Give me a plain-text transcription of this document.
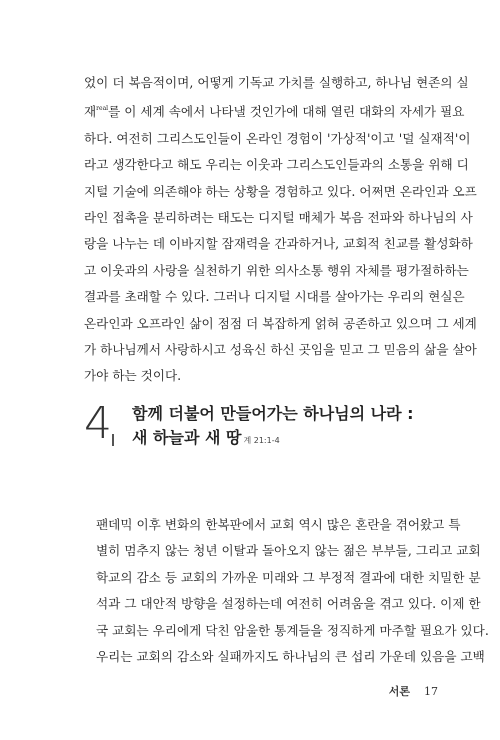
었이 더 복음적이며, 어떻게 기독교 가치를 실행하고, 하나님 현존의 실
재$^{real}$를 이 세계 속에서 나타낼 것인가에 대해 열린 대화의 자세가 필요
하다. 여전히 그리스도인들이 온라인 경험이 '가상적'이고 '덜 실재적'이
라고 생각한다고 해도 우리는 이웃과 그리스도인들과의 소통을 위해 디
지털 기술에 의존해야 하는 상황을 경험하고 있다. 어쩌면 온라인과 오프
라인 접촉을 분리하려는 태도는 디지털 매체가 복음 전파와 하나님의 사
랑을 나누는 데 이바지할 잠재력을 간과하거나, 교회적 친교를 활성화하
고 이웃과의 사랑을 실천하기 위한 의사소통 행위 자체를 평가절하하는
결과를 초래할 수 있다. 그러나 디지털 시대를 살아가는 우리의 현실은
온라인과 오프라인 삶이 점점 더 복잡하게 얽혀 공존하고 있으며 그 세계
가 하나님께서 사랑하시고 성육신 하신 곳임을 믿고 그 믿음의 삶을 살아
가야 하는 것이다.
4 함께 더불어 만들어가는 하나님의 나라 :
새 하늘과 새 땅 계 21:1-4
팬데믹 이후 변화의 한복판에서 교회 역시 많은 혼란을 겪어왔고 특
별히 멈추지 않는 청년 이탈과 돌아오지 않는 젊은 부부들, 그리고 교회
학교의 감소 등 교회의 가까운 미래와 그 부정적 결과에 대한 치밀한 분
석과 그 대안적 방향을 설정하는데 여전히 어려움을 겪고 있다. 이제 한
국 교회는 우리에게 닥친 암울한 통계들을 정직하게 마주할 필요가 있다.
우리는 교회의 감소와 실패까지도 하나님의 큰 섭리 가운데 있음을 고백
서론 17
